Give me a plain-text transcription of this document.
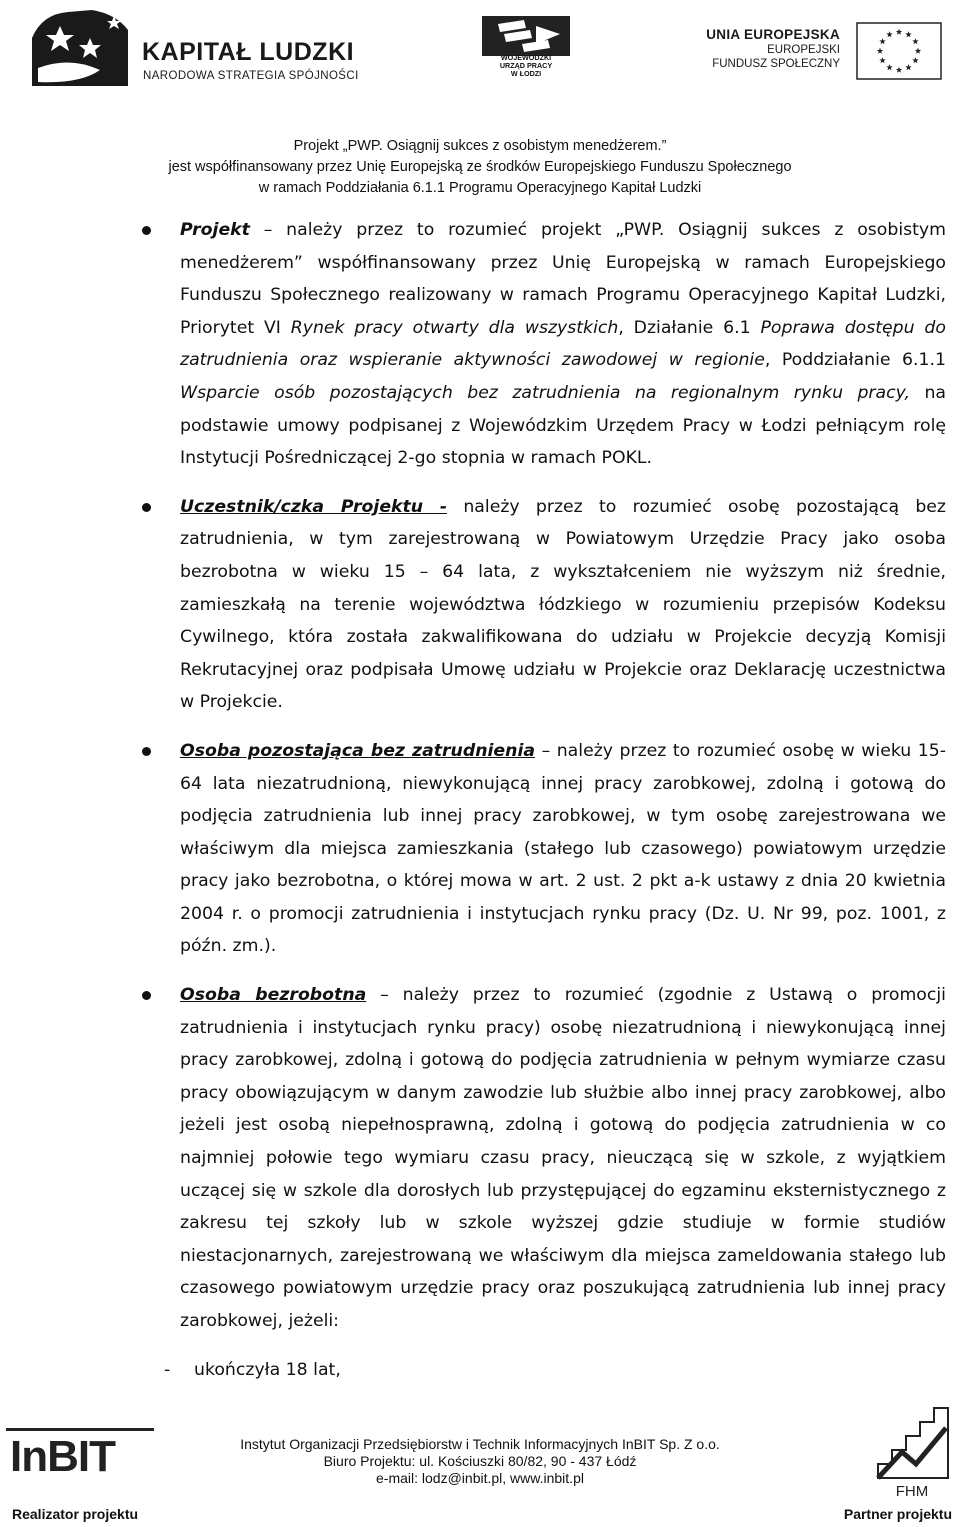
KAPITAŁ LUDZKI
NARODOWA STRATEGIA SPÓJNOŚCI
WOJEWÓDZKI
URZĄD PRACY
W ŁODZI
UNIA EUROPEJSKA
EUROPEJSKI
FUNDUSZ SPOŁECZNY
Projekt „PWP. Osiągnij sukces z osobistym menedżerem.”
jest współfinansowany przez Unię Europejską ze środków Europejskiego Funduszu Społecznego
w ramach Poddziałania 6.1.1 Programu Operacyjnego Kapitał Ludzki
Projekt – należy przez to rozumieć projekt „PWP. Osiągnij sukces z osobistym menedżerem” współfinansowany przez Unię Europejską w ramach Europejskiego Funduszu Społecznego realizowany w ramach Programu Operacyjnego Kapitał Ludzki, Priorytet VI Rynek pracy otwarty dla wszystkich, Działanie 6.1 Poprawa dostępu do zatrudnienia oraz wspieranie aktywności zawodowej w regionie, Poddziałanie 6.1.1 Wsparcie osób pozostających bez zatrudnienia na regionalnym rynku pracy, na podstawie umowy podpisanej z Wojewódzkim Urzędem Pracy w Łodzi pełniącym rolę Instytucji Pośredniczącej 2-go stopnia w ramach POKL.
Uczestnik/czka Projektu - należy przez to rozumieć osobę pozostającą bez zatrudnienia, w tym zarejestrowaną w Powiatowym Urzędzie Pracy jako osoba bezrobotna w wieku 15 – 64 lata, z wykształceniem nie wyższym niż średnie, zamieszkałą na terenie województwa łódzkiego w rozumieniu przepisów Kodeksu Cywilnego, która została zakwalifikowana do udziału w Projekcie decyzją Komisji Rekrutacyjnej oraz podpisała Umowę udziału w Projekcie oraz Deklarację uczestnictwa w Projekcie.
Osoba pozostająca bez zatrudnienia – należy przez to rozumieć osobę w wieku 15-64 lata niezatrudnioną, niewykonującą innej pracy zarobkowej, zdolną i gotową do podjęcia zatrudnienia lub innej pracy zarobkowej, w tym osobę zarejestrowana we właściwym dla miejsca zamieszkania (stałego lub czasowego) powiatowym urzędzie pracy jako bezrobotna, o której mowa w art. 2 ust. 2 pkt a-k ustawy z dnia 20 kwietnia 2004 r. o promocji zatrudnienia i instytucjach rynku pracy (Dz. U. Nr 99, poz. 1001, z późn. zm.).
Osoba bezrobotna – należy przez to rozumieć (zgodnie z Ustawą o promocji zatrudnienia i instytucjach rynku pracy) osobę niezatrudnioną i niewykonującą innej pracy zarobkowej, zdolną i gotową do podjęcia zatrudnienia w pełnym wymiarze czasu pracy obowiązującym w danym zawodzie lub służbie albo innej pracy zarobkowej, albo jeżeli jest osobą niepełnosprawną, zdolną i gotową do podjęcia zatrudnienia w co najmniej połowie tego wymiaru czasu pracy, nieuczącą się w szkole, z wyjątkiem uczącej się w szkole dla dorosłych lub przystępującej do egzaminu eksternistycznego z zakresu tej szkoły lub w szkole wyższej gdzie studiuje w formie studiów niestacjonarnych, zarejestrowaną we właściwym dla miejsca zameldowania stałego lub czasowego powiatowym urzędzie pracy oraz poszukującą zatrudnienia lub innej pracy zarobkowej, jeżeli:
- ukończyła 18 lat,
InBIT
Realizator projektu
Instytut Organizacji Przedsiębiorstw i Technik Informacyjnych InBIT Sp. Z o.o.
Biuro Projektu: ul. Kościuszki 80/82, 90 - 437 Łódź
e-mail: lodz@inbit.pl, www.inbit.pl
FHM
Partner projektu
